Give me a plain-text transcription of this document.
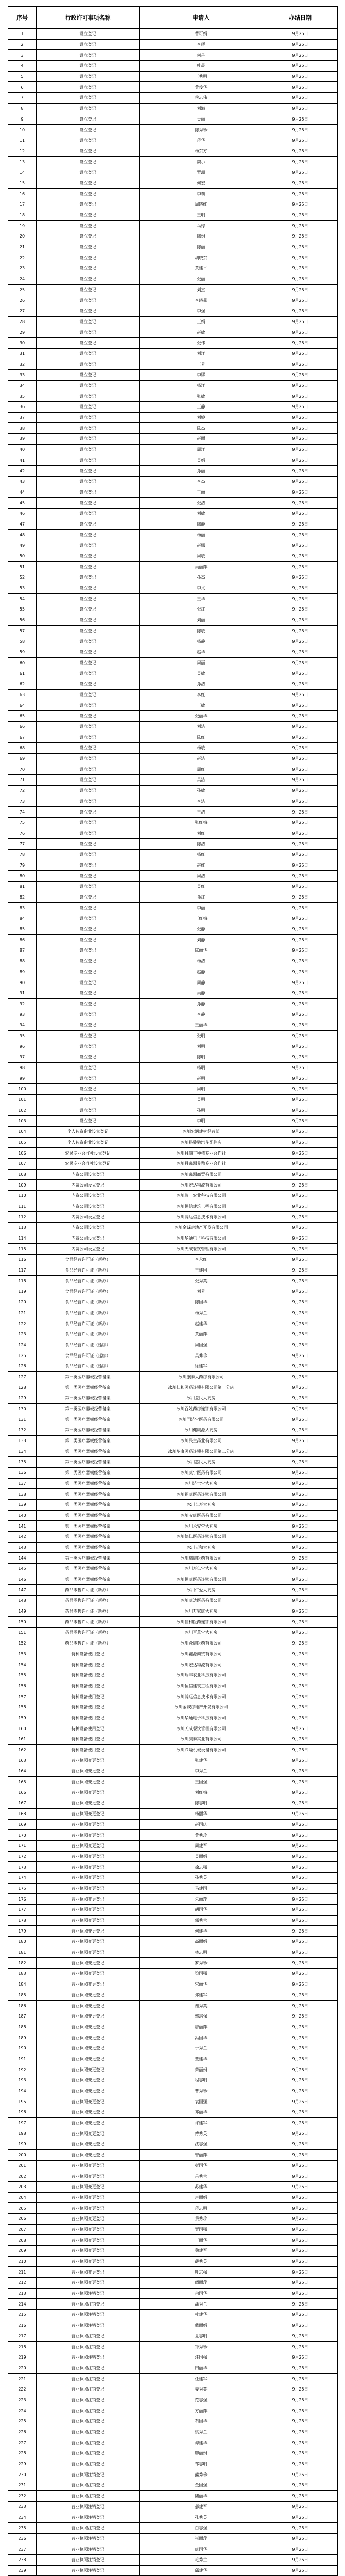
序号	行政许可事项名称	申请人	办结日期
1	设立登记	曹可娟	9月25日
2	设立登记	李辉	9月25日
3	设立登记	何丹	9月25日
4	设立登记	叶晨	9月25日
5	设立登记	王秀明	9月25日
6	设立登记	黄俊华	9月25日
7	设立登记	侯志伟	9月25日
8	设立登记	刘海	9月25日
9	设立登记	吴丽	9月25日
10	设立登记	陈秀珍	9月25日
11	设立登记	蒋华	9月25日
12	设立登记	杨东方	9月25日
13	设立登记	魏小	9月25日
14	设立登记	罗珊	9月25日
15	设立登记	何宏	9月25日
16	设立登记	李莉	9月25日
17	设立登记	周晓红	9月25日
18	设立登记	王明	9月25日
19	设立登记	马婷	9月25日
20	设立登记	陈娟	9月25日
21	设立登记	陈丽	9月25日
22	设立登记	胡晓东	9月25日
23	设立登记	黄建平	9月25日
24	设立登记	张丽	9月25日
25	设立登记	刘杰	9月25日
26	设立登记	李晓燕	9月25日
27	设立登记	李强	9月25日
28	设立登记	王娟	9月25日
29	设立登记	赵敏	9月25日
30	设立登记	张伟	9月25日
31	设立登记	刘洋	9月25日
32	设立登记	王芳	9月25日
33	设立登记	李娜	9月25日
34	设立登记	杨洋	9月25日
35	设立登记	张敏	9月25日
36	设立登记	王静	9月25日
37	设立登记	刘婷	9月25日
38	设立登记	陈杰	9月25日
39	设立登记	赵丽	9月25日
40	设立登记	周洋	9月25日
41	设立登记	吴娟	9月25日
42	设立登记	孙丽	9月25日
43	设立登记	李杰	9月25日
44	设立登记	王丽	9月25日
45	设立登记	张洁	9月25日
46	设立登记	刘敏	9月25日
47	设立登记	陈静	9月25日
48	设立登记	杨丽	9月25日
49	设立登记	赵娜	9月25日
50	设立登记	周敏	9月25日
51	设立登记	吴丽萍	9月25日
52	设立登记	孙杰	9月25日
53	设立登记	李文	9月25日
54	设立登记	王华	9月25日
55	设立登记	张红	9月25日
56	设立登记	刘丽	9月25日
57	设立登记	陈敏	9月25日
58	设立登记	杨静	9月25日
59	设立登记	赵华	9月25日
60	设立登记	周丽	9月25日
61	设立登记	吴敏	9月25日
62	设立登记	孙洁	9月25日
63	设立登记	李红	9月25日
64	设立登记	王敏	9月25日
65	设立登记	张丽华	9月25日
66	设立登记	刘洁	9月25日
67	设立登记	陈红	9月25日
68	设立登记	杨敏	9月25日
69	设立登记	赵洁	9月25日
70	设立登记	周红	9月25日
71	设立登记	吴洁	9月25日
72	设立登记	孙敏	9月25日
73	设立登记	李洁	9月25日
74	设立登记	王洁	9月25日
75	设立登记	张红梅	9月25日
76	设立登记	刘红	9月25日
77	设立登记	陈洁	9月25日
78	设立登记	杨红	9月25日
79	设立登记	赵红	9月25日
80	设立登记	周洁	9月25日
81	设立登记	吴红	9月25日
82	设立登记	孙红	9月25日
83	设立登记	李丽	9月25日
84	设立登记	王红梅	9月25日
85	设立登记	张静	9月25日
86	设立登记	刘静	9月25日
87	设立登记	陈丽华	9月25日
88	设立登记	杨洁	9月25日
89	设立登记	赵静	9月25日
90	设立登记	周静	9月25日
91	设立登记	吴静	9月25日
92	设立登记	孙静	9月25日
93	设立登记	李静	9月25日
94	设立登记	王丽华	9月25日
95	设立登记	张明	9月25日
96	设立登记	刘明	9月25日
97	设立登记	陈明	9月25日
98	设立登记	杨明	9月25日
99	设立登记	赵明	9月25日
100	设立登记	周明	9月25日
101	设立登记	吴明	9月25日
102	设立登记	孙明	9月25日
103	设立登记	李明	9月25日
104	个人独资企业设立登记	冰川宏润建材经营部	9月25日
105	个人独资企业设立登记	冰川县骏驰汽车配件店	9月25日
106	农民专业合作社设立登记	冰川县瑞丰种植专业合作社	9月25日
107	农民专业合作社设立登记	冰川县鑫源养殖专业合作社	9月25日
108	内资公司设立登记	冰川鑫源商贸有限公司	9月25日
109	内资公司设立登记	冰川宏达物流有限公司	9月25日
110	内资公司设立登记	冰川瑞丰农业科技有限公司	9月25日
111	内资公司设立登记	冰川恒信建筑工程有限公司	9月25日
112	内资公司设立登记	冰川博远信息技术有限公司	9月25日
113	内资公司设立登记	冰川金诚房地产开发有限公司	9月25日
114	内资公司设立登记	冰川华通电子科技有限公司	9月25日
115	内资公司设立登记	冰川天成餐饮管理有限公司	9月25日
116	食品经营许可证（新办）	李永红	9月25日
117	食品经营许可证（新办）	王建国	9月25日
118	食品经营许可证（新办）	张秀英	9月25日
119	食品经营许可证（新办）	刘芳	9月25日
120	食品经营许可证（新办）	陈国华	9月25日
121	食品经营许可证（新办）	杨秀兰	9月25日
122	食品经营许可证（新办）	赵建华	9月25日
123	食品经营许可证（新办）	黄丽萍	9月25日
124	食品经营许可证（延续）	周国强	9月25日
125	食品经营许可证（延续）	吴秀珍	9月25日
126	食品经营许可证（延续）	徐建军	9月25日
127	第一类医疗器械经营备案	冰川康泰大药房有限公司	9月25日
128	第一类医疗器械经营备案	冰川仁和医药连锁有限公司第一分店	9月25日
129	第一类医疗器械经营备案	冰川益民大药房	9月25日
130	第一类医疗器械经营备案	冰川百姓药房连锁有限公司	9月25日
131	第一类医疗器械经营备案	冰川同济堂医药有限公司	9月25日
132	第一类医疗器械经营备案	冰川健康源大药房	9月25日
133	第一类医疗器械经营备案	冰川民生药业有限公司	9月25日
134	第一类医疗器械经营备案	冰川华康医药连锁有限公司第二分店	9月25日
135	第一类医疗器械经营备案	冰川惠民大药房	9月25日
136	第一类医疗器械经营备案	冰川康宁医药有限公司	9月25日
137	第一类医疗器械经营备案	冰川济世堂大药房	9月25日
138	第一类医疗器械经营备案	冰川福康医药连锁有限公司	9月25日
139	第一类医疗器械经营备案	冰川长寿大药房	9月25日
140	第一类医疗器械经营备案	冰川安康医药有限公司	9月25日
141	第一类医疗器械经营备案	冰川永安堂大药房	9月25日
142	第一类医疗器械经营备案	冰川德仁医药连锁有限公司	9月25日
143	第一类医疗器械经营备案	冰川天和大药房	9月25日
144	第一类医疗器械经营备案	冰川瑞康医药有限公司	9月25日
145	第一类医疗器械经营备案	冰川寿仁堂大药房	9月25日
146	第一类医疗器械经营备案	冰川恒康医药连锁有限公司	9月25日
147	药品零售许可证（新办）	冰川仁爱大药房	9月25日
148	药品零售许可证（新办）	冰川康达医药有限公司	9月25日
149	药品零售许可证（新办）	冰川万家康大药房	9月25日
150	药品零售许可证（新办）	冰川佳和医药连锁有限公司	9月25日
151	药品零售许可证（新办）	冰川百草堂大药房	9月25日
152	药品零售许可证（新办）	冰川众康医药有限公司	9月25日
153	特种设备使用登记	冰川鑫源商贸有限公司	9月25日
154	特种设备使用登记	冰川宏达物流有限公司	9月25日
155	特种设备使用登记	冰川瑞丰农业科技有限公司	9月25日
156	特种设备使用登记	冰川恒信建筑工程有限公司	9月25日
157	特种设备使用登记	冰川博远信息技术有限公司	9月25日
158	特种设备使用登记	冰川金诚房地产开发有限公司	9月25日
159	特种设备使用登记	冰川华通电子科技有限公司	9月25日
160	特种设备使用登记	冰川天成餐饮管理有限公司	9月25日
161	特种设备使用登记	冰川康泰实业有限公司	9月25日
162	特种设备使用登记	冰川兴隆机械设备有限公司	9月25日
163	营业执照变更登记	张建华	9月25日
164	营业执照变更登记	李秀兰	9月25日
165	营业执照变更登记	王国强	9月25日
166	营业执照变更登记	刘红梅	9月25日
167	营业执照变更登记	陈志明	9月25日
168	营业执照变更登记	杨丽华	9月25日
169	营业执照变更登记	赵国庆	9月25日
170	营业执照变更登记	黄秀珍	9月25日
171	营业执照变更登记	周建军	9月25日
172	营业执照变更登记	吴丽娟	9月25日
173	营业执照变更登记	徐志强	9月25日
174	营业执照变更登记	孙秀英	9月25日
175	营业执照变更登记	马建国	9月25日
176	营业执照变更登记	朱丽萍	9月25日
177	营业执照变更登记	胡国华	9月25日
178	营业执照变更登记	郭秀兰	9月25日
179	营业执照变更登记	何建华	9月25日
180	营业执照变更登记	高丽娟	9月25日
181	营业执照变更登记	林志明	9月25日
182	营业执照变更登记	罗秀珍	9月25日
183	营业执照变更登记	梁国强	9月25日
184	营业执照变更登记	宋丽华	9月25日
185	营业执照变更登记	郑建军	9月25日
186	营业执照变更登记	谢秀英	9月25日
187	营业执照变更登记	韩志强	9月25日
188	营业执照变更登记	唐丽萍	9月25日
189	营业执照变更登记	冯国华	9月25日
190	营业执照变更登记	于秀兰	9月25日
191	营业执照变更登记	董建华	9月25日
192	营业执照变更登记	萧丽娟	9月25日
193	营业执照变更登记	程志明	9月25日
194	营业执照变更登记	曹秀珍	9月25日
195	营业执照变更登记	袁国强	9月25日
196	营业执照变更登记	邓丽华	9月25日
197	营业执照变更登记	许建军	9月25日
198	营业执照变更登记	傅秀英	9月25日
199	营业执照变更登记	沈志强	9月25日
200	营业执照变更登记	曾丽萍	9月25日
201	营业执照变更登记	彭国华	9月25日
202	营业执照变更登记	吕秀兰	9月25日
203	营业执照变更登记	苏建华	9月25日
204	营业执照变更登记	卢丽娟	9月25日
205	营业执照变更登记	蒋志明	9月25日
206	营业执照变更登记	蔡秀珍	9月25日
207	营业执照变更登记	贾国强	9月25日
208	营业执照变更登记	丁丽华	9月25日
209	营业执照变更登记	魏建军	9月25日
210	营业执照变更登记	薛秀英	9月25日
211	营业执照变更登记	叶志强	9月25日
212	营业执照变更登记	阎丽萍	9月25日
213	营业执照注销登记	余国华	9月25日
214	营业执照注销登记	潘秀兰	9月25日
215	营业执照注销登记	杜建华	9月25日
216	营业执照注销登记	戴丽娟	9月25日
217	营业执照注销登记	夏志明	9月25日
218	营业执照注销登记	钟秀珍	9月25日
219	营业执照注销登记	汪国强	9月25日
220	营业执照注销登记	田丽华	9月25日
221	营业执照注销登记	任建军	9月25日
222	营业执照注销登记	姜秀英	9月25日
223	营业执照注销登记	范志强	9月25日
224	营业执照注销登记	方丽萍	9月25日
225	营业执照注销登记	石国华	9月25日
226	营业执照注销登记	姚秀兰	9月25日
227	营业执照注销登记	谭建华	9月25日
228	营业执照注销登记	廖丽娟	9月25日
229	营业执照注销登记	邹志明	9月25日
230	营业执照注销登记	熊秀珍	9月25日
231	营业执照注销登记	金国强	9月25日
232	营业执照注销登记	陆丽华	9月25日
233	营业执照注销登记	郝建军	9月25日
234	营业执照注销登记	孔秀英	9月25日
235	营业执照注销登记	白志强	9月25日
236	营业执照注销登记	崔丽萍	9月25日
237	营业执照注销登记	康国华	9月25日
238	营业执照注销登记	毛秀兰	9月25日
239	营业执照注销登记	邱建华	9月25日
